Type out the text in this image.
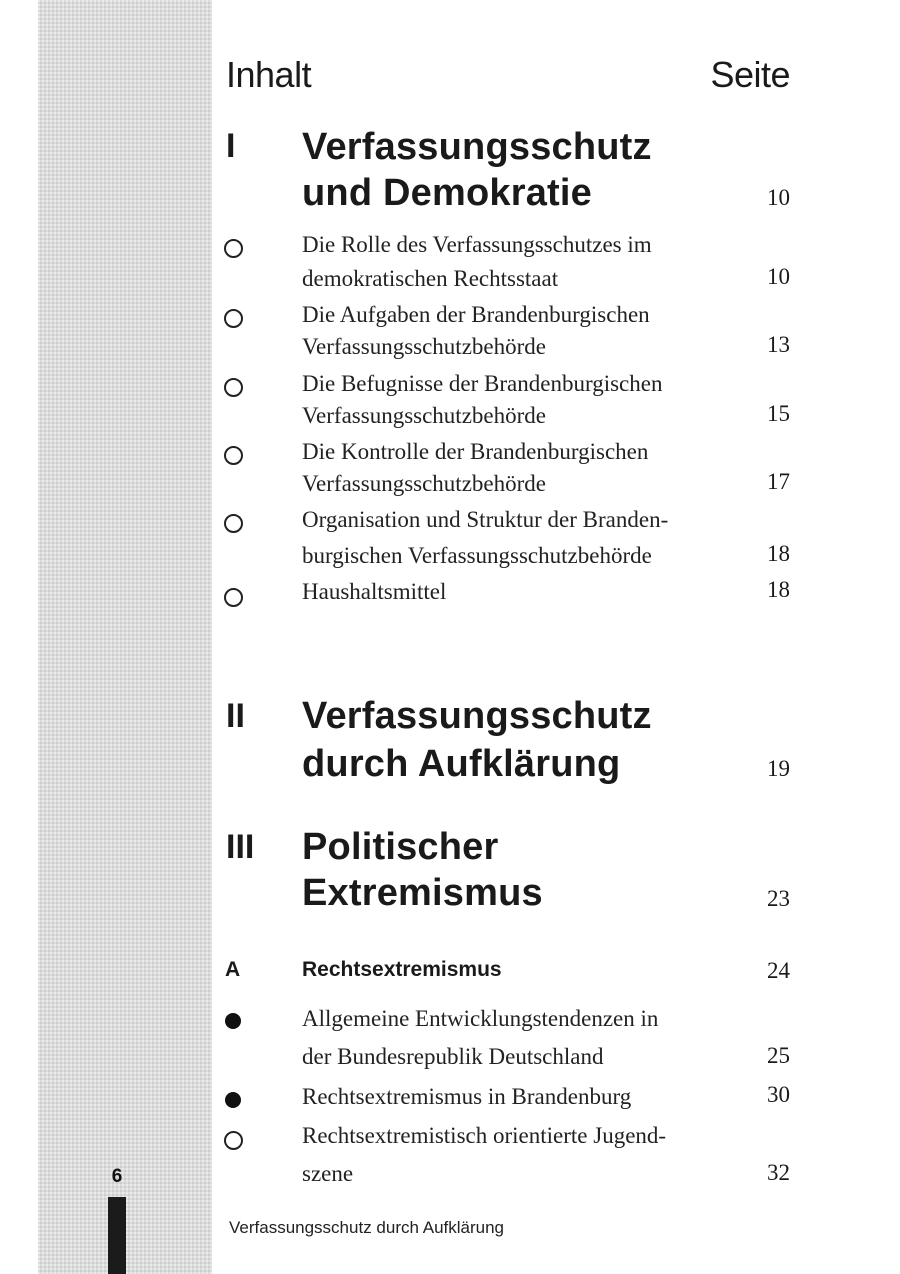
6
Inhalt	Seite
I Verfassungsschutz
und Demokratie	10
Die Rolle des Verfassungsschutzes im
demokratischen Rechtsstaat	10
Die Aufgaben der Brandenburgischen
Verfassungsschutzbehörde	13
Die Befugnisse der Brandenburgischen
Verfassungsschutzbehörde	15
Die Kontrolle der Brandenburgischen
Verfassungsschutzbehörde	17
Organisation und Struktur der Branden-
burgischen Verfassungsschutzbehörde	18
Haushaltsmittel	18
II Verfassungsschutz
durch Aufklärung	19
III Politischer
Extremismus	23
A	Rechtsextremismus	24
Allgemeine Entwicklungstendenzen in
der Bundesrepublik Deutschland	25
Rechtsextremismus in Brandenburg	30
Rechtsextremistisch orientierte Jugend-
szene	32
Verfassungsschutz durch Aufklärung
